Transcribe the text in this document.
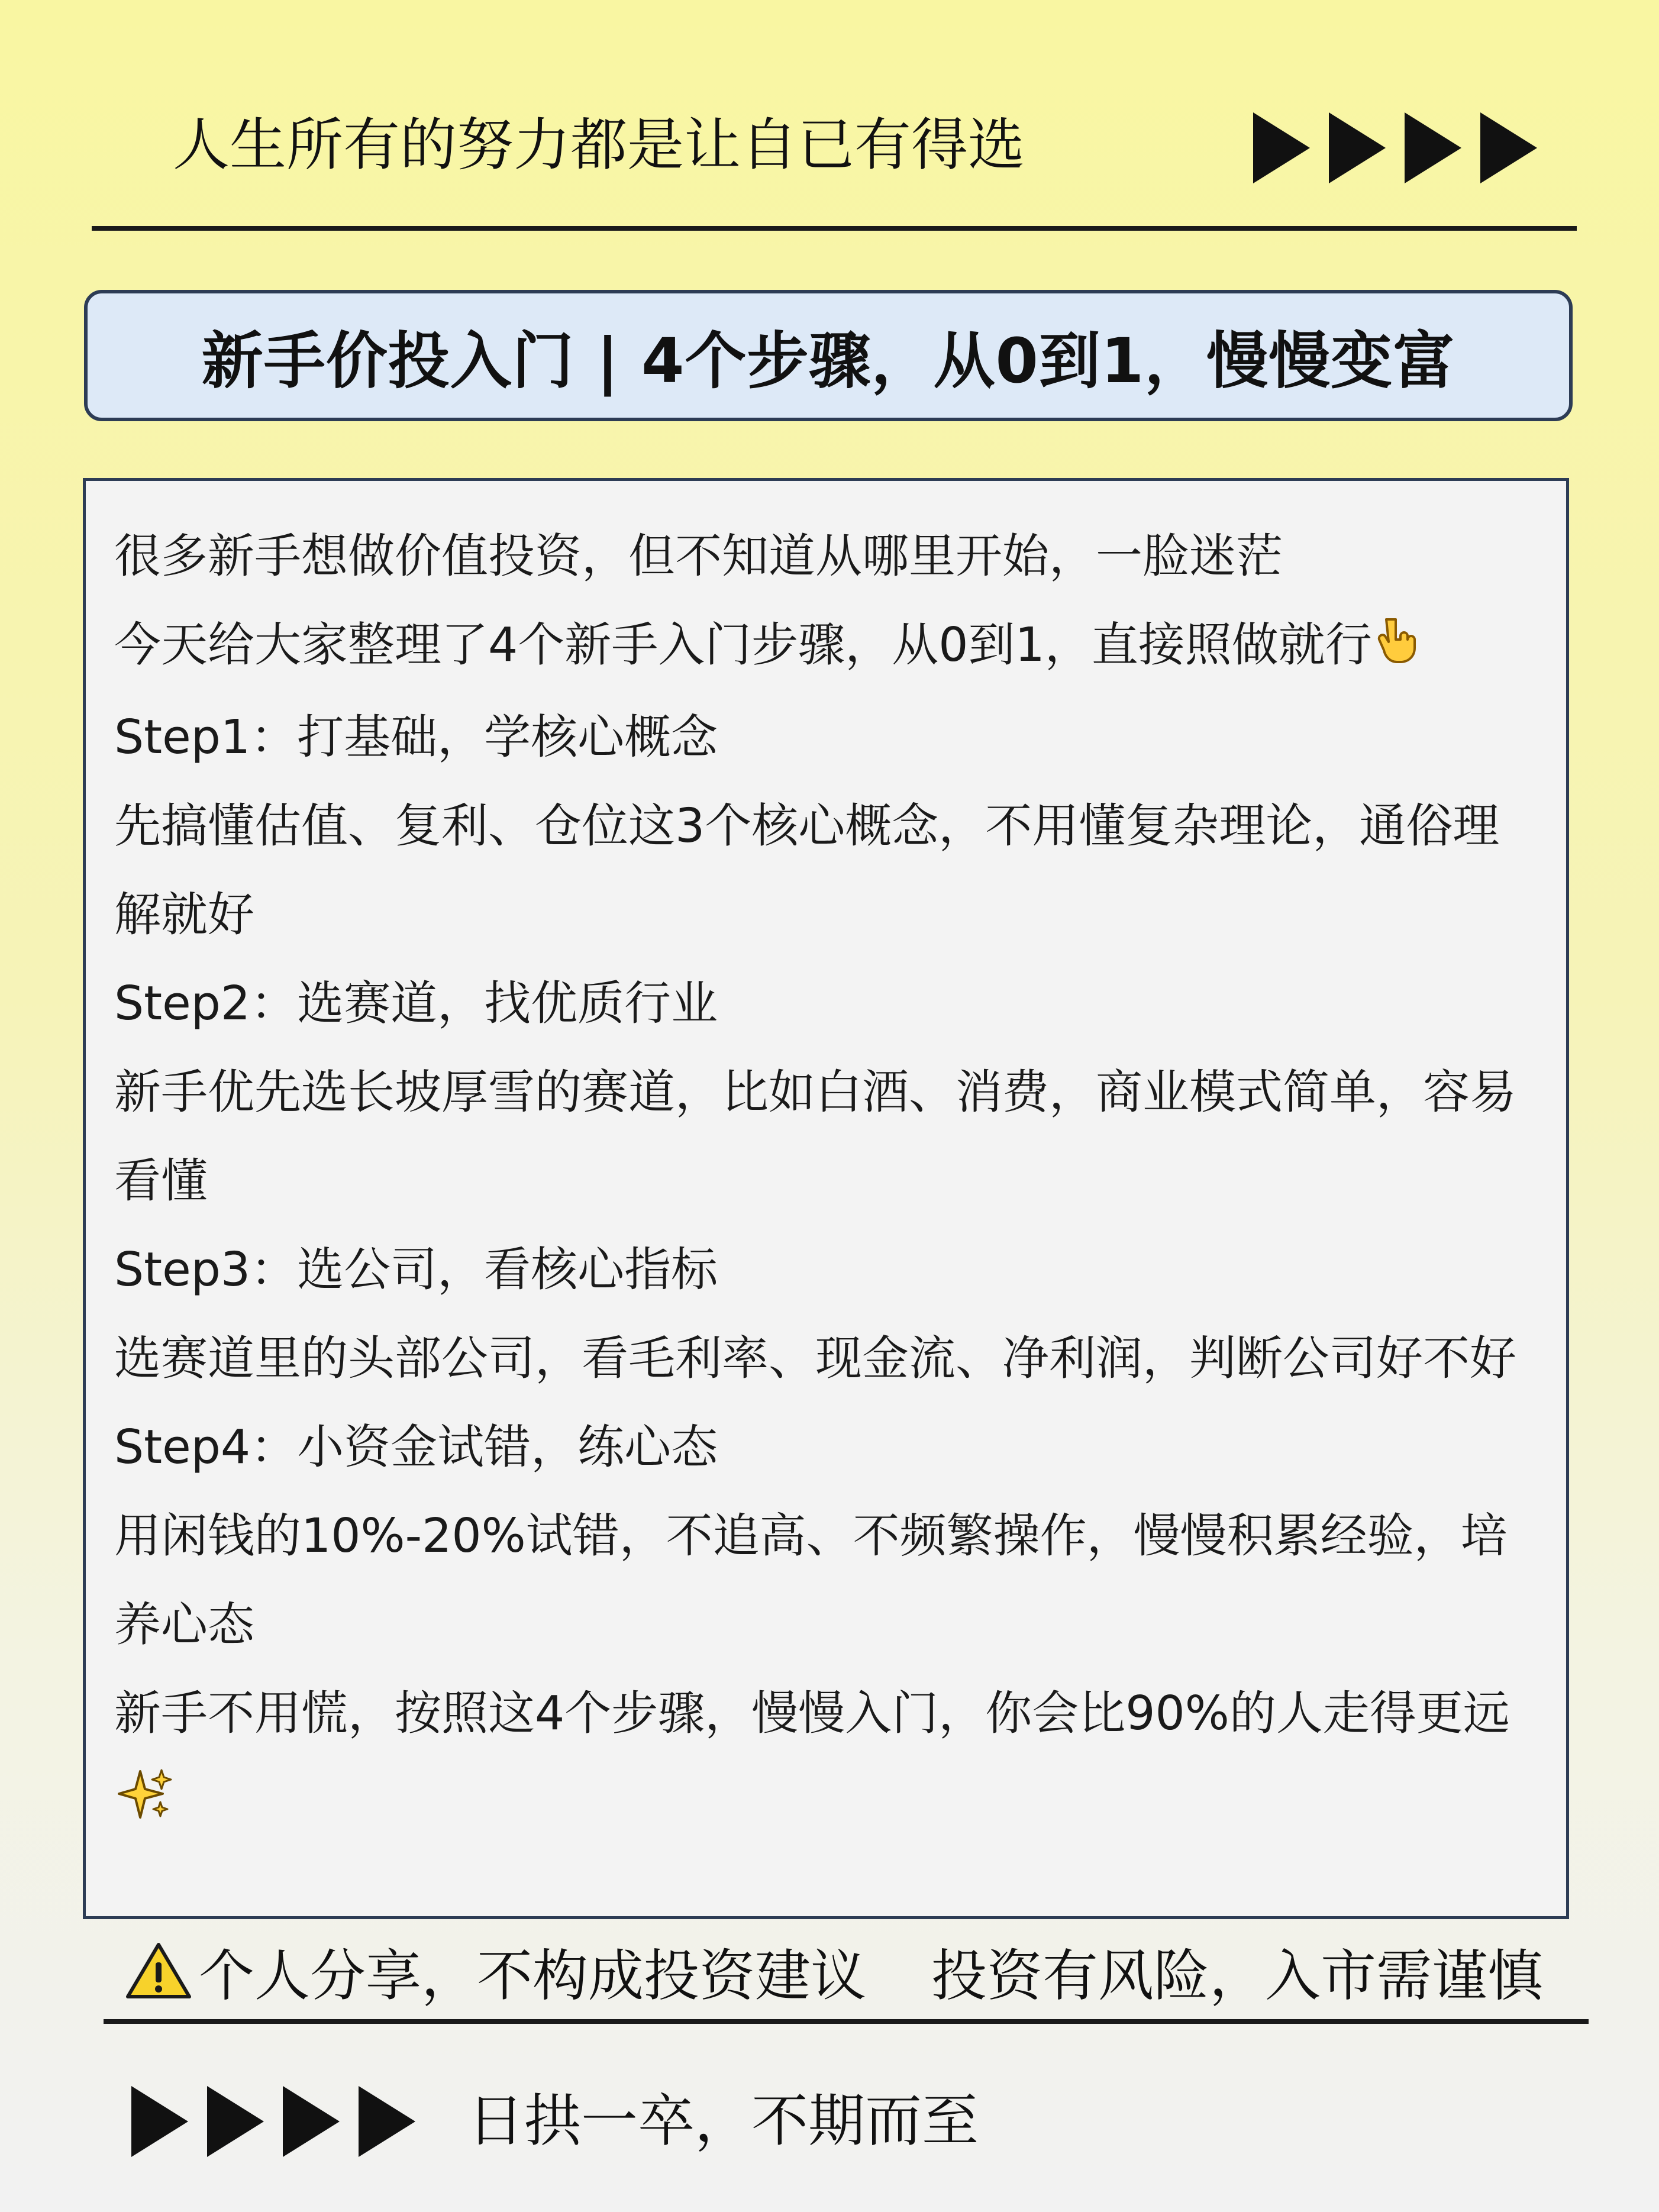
人生所有的努力都是让自已有得选
新手价投入门 | 4个步骤，从0到1，慢慢变富

很多新手想做价值投资，但不知道从哪里开始，一脸迷茫

今天给大家整理了4个新手入门步骤，从0到1，直接照做就行

Step1：打基础，学核心概念

先搞懂估值、复利、仓位这3个核心概念，不用懂复杂理论，通俗理解就好

Step2：选赛道，找优质行业

新手优先选长坡厚雪的赛道，比如白酒、消费，商业模式简单，容易看懂

Step3：选公司，看核心指标

选赛道里的头部公司，看毛利率、现金流、净利润，判断公司好不好

Step4：小资金试错，练心态

用闲钱的10%-20%试错，不追高、不频繁操作，慢慢积累经验，培养心态

新手不用慌，按照这4个步骤，慢慢入门，你会比90%的人走得更远

个人分享，不构成投资建议 投资有风险，入市需谨慎
日拱一卒，不期而至
